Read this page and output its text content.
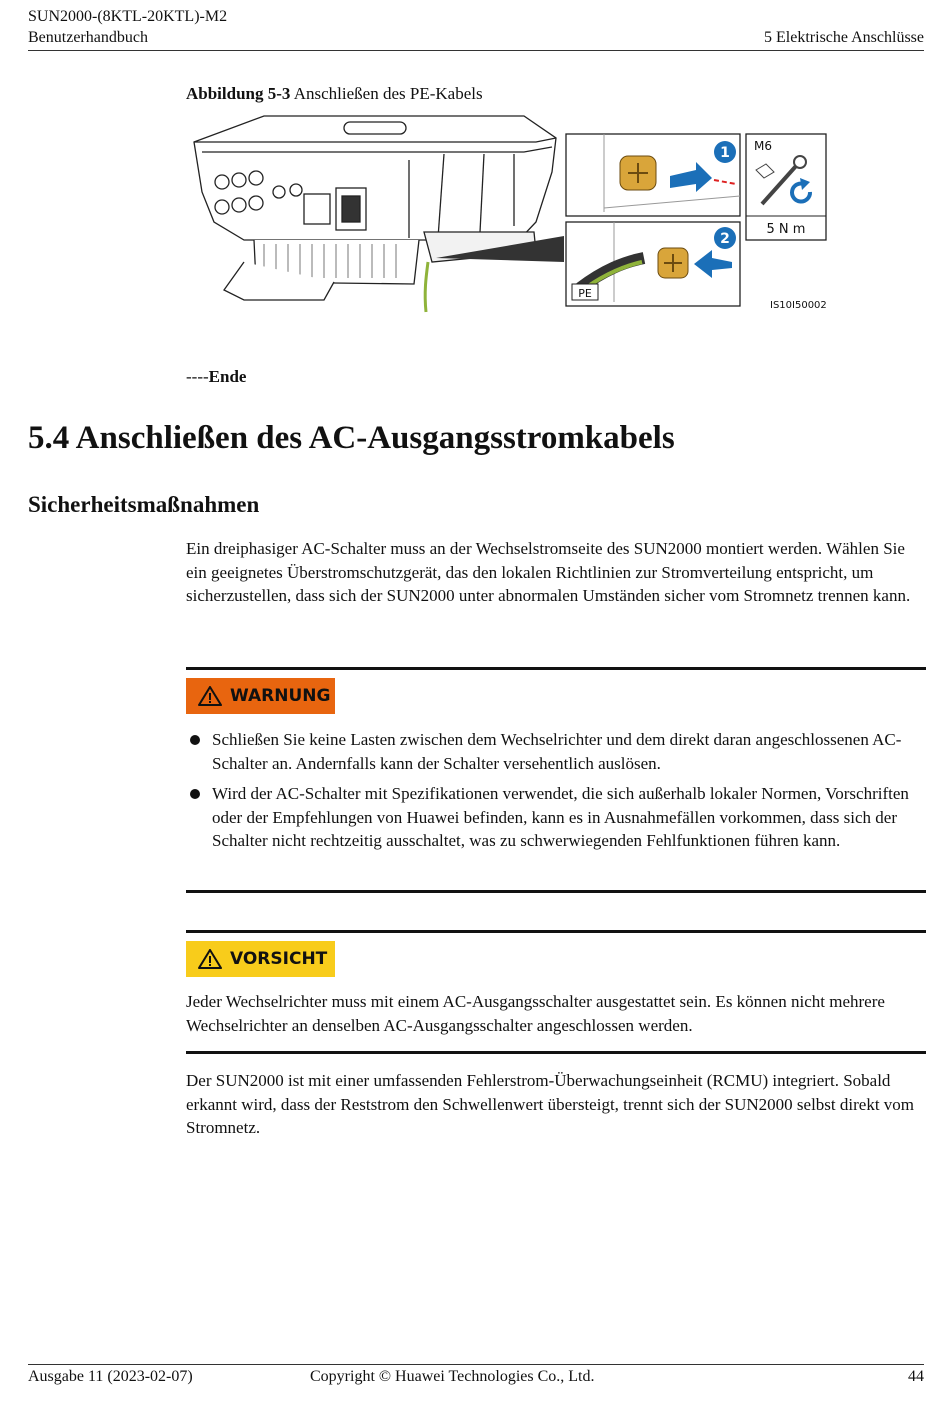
SUN2000-(8KTL-20KTL)-M2
Benutzerhandbuch	5 Elektrische Anschlüsse
Abbildung 5-3 Anschließen des PE-Kabels
1
2
PE
M6
5 N m
IS10I50002
----Ende
5.4 Anschließen des AC-Ausgangsstromkabels
Sicherheitsmaßnahmen
Ein dreiphasiger AC-Schalter muss an der Wechselstromseite des SUN2000 montiert werden. Wählen Sie ein geeignetes Überstromschutzgerät, das den lokalen Richtlinien zur Stromverteilung entspricht, um sicherzustellen, dass sich der SUN2000 unter abnormalen Umständen sicher vom Stromnetz trennen kann.
WARNUNG
Schließen Sie keine Lasten zwischen dem Wechselrichter und dem direkt daran angeschlossenen AC-Schalter an. Andernfalls kann der Schalter versehentlich auslösen.
Wird der AC-Schalter mit Spezifikationen verwendet, die sich außerhalb lokaler Normen, Vorschriften oder der Empfehlungen von Huawei befinden, kann es in Ausnahmefällen vorkommen, dass sich der Schalter nicht rechtzeitig ausschaltet, was zu schwerwiegenden Fehlfunktionen führen kann.
VORSICHT
Jeder Wechselrichter muss mit einem AC-Ausgangsschalter ausgestattet sein. Es können nicht mehrere Wechselrichter an denselben AC-Ausgangsschalter angeschlossen werden.
Der SUN2000 ist mit einer umfassenden Fehlerstrom-Überwachungseinheit (RCMU) integriert. Sobald erkannt wird, dass der Reststrom den Schwellenwert übersteigt, trennt sich der SUN2000 selbst direkt vom Stromnetz.
Ausgabe 11 (2023-02-07)	Copyright © Huawei Technologies Co., Ltd.	44
